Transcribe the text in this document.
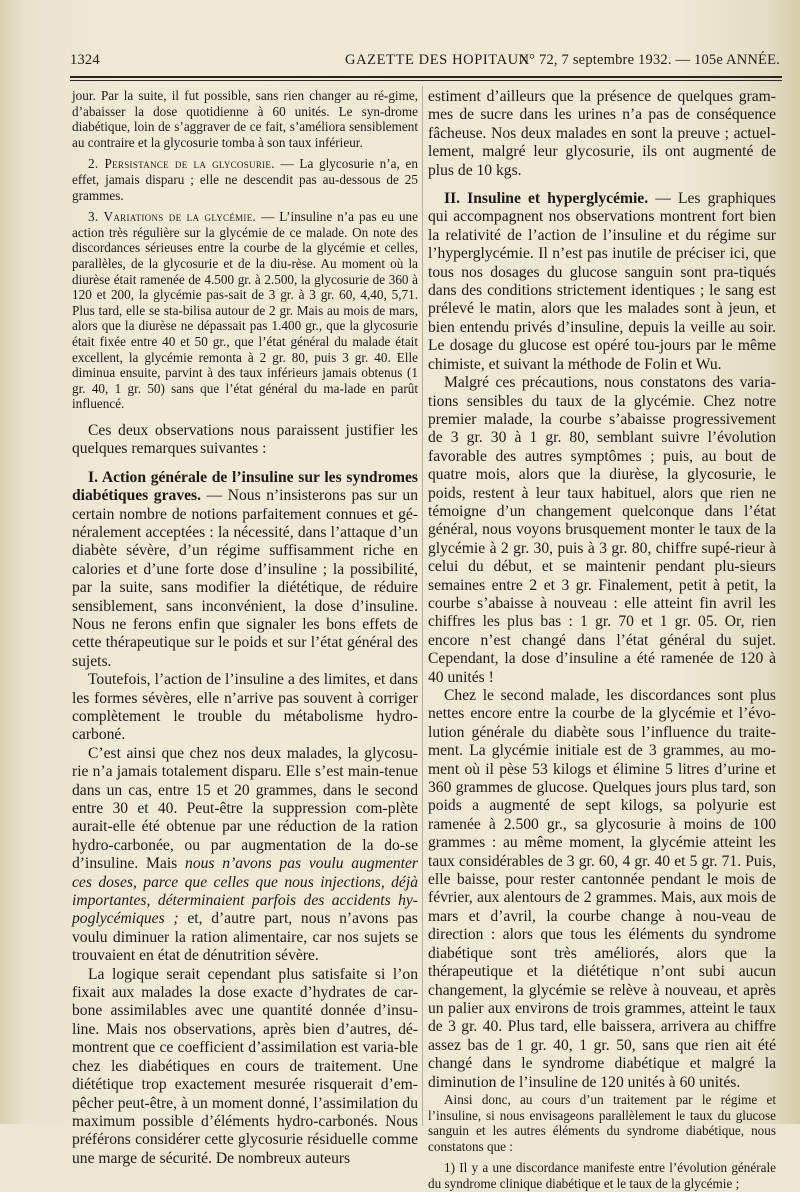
1324	GAZETTE DES HOPITAUX
N° 72, 7 septembre 1932. — 105e ANNÉE.

jour. Par la suite, il fut possible, sans rien changer au ré-gime, d’abaisser la dose quotidienne à 60 unités. Le syn-drome diabétique, loin de s’aggraver de ce fait, s’améliora sensiblement au contraire et la glycosurie tomba à son taux inférieur.

2. Persistance de la glycosurie. — La glycosurie n’a, en effet, jamais disparu ; elle ne descendit pas au-dessous de 25 grammes.

3. Variations de la glycémie. — L’insuline n’a pas eu une action très régulière sur la glycémie de ce malade. On note des discordances sérieuses entre la courbe de la glycémie et celles, parallèles, de la glycosurie et de la diu-rèse. Au moment où la diurèse était ramenée de 4.500 gr. à 2.500, la glycosurie de 360 à 120 et 200, la glycémie pas-sait de 3 gr. à 3 gr. 60, 4,40, 5,71. Plus tard, elle se sta-bilisa autour de 2 gr. Mais au mois de mars, alors que la diurèse ne dépassait pas 1.400 gr., que la glycosurie était fixée entre 40 et 50 gr., que l’état général du malade était excellent, la glycémie remonta à 2 gr. 80, puis 3 gr. 40. Elle diminua ensuite, parvint à des taux inférieurs jamais obtenus (1 gr. 40, 1 gr. 50) sans que l’état général du ma-lade en parût influencé.

Ces deux observations nous paraissent justifier les quelques remarques suivantes :

I. Action générale de l’insuline sur les syndromes diabétiques graves. — Nous n’insisterons pas sur un certain nombre de notions parfaitement connues et gé-néralement acceptées : la nécessité, dans l’attaque d’un diabète sévère, d’un régime suffisamment riche en calories et d’une forte dose d’insuline ; la possibilité, par la suite, sans modifier la diététique, de réduire sensiblement, sans inconvénient, la dose d’insuline. Nous ne ferons enfin que signaler les bons effets de cette thérapeutique sur le poids et sur l’état général des sujets.

Toutefois, l’action de l’insuline a des limites, et dans les formes sévères, elle n’arrive pas souvent à corriger complètement le trouble du métabolisme hydro-carboné.

C’est ainsi que chez nos deux malades, la glycosu-rie n’a jamais totalement disparu. Elle s’est main-tenue dans un cas, entre 15 et 20 grammes, dans le second entre 30 et 40. Peut-être la suppression com-plète aurait-elle été obtenue par une réduction de la ration hydro-carbonée, ou par augmentation de la do-se d’insuline. Mais nous n’avons pas voulu augmenter ces doses, parce que celles que nous injections, déjà importantes, déterminaient parfois des accidents hy-poglycémiques ; et, d’autre part, nous n’avons pas voulu diminuer la ration alimentaire, car nos sujets se trouvaient en état de dénutrition sévère.

La logique serait cependant plus satisfaite si l’on fixait aux malades la dose exacte d’hydrates de car-bone assimilables avec une quantité donnée d’insu-line. Mais nos observations, après bien d’autres, dé-montrent que ce coefficient d’assimilation est varia-ble chez les diabétiques en cours de traitement. Une diététique trop exactement mesurée risquerait d’em-pêcher peut-être, à un moment donné, l’assimilation du maximum possible d’éléments hydro-carbonés. Nous préférons considérer cette glycosurie résiduelle comme une marge de sécurité. De nombreux auteurs

estiment d’ailleurs que la présence de quelques gram-mes de sucre dans les urines n’a pas de conséquence fâcheuse. Nos deux malades en sont la preuve ; actuel-lement, malgré leur glycosurie, ils ont augmenté de plus de 10 kgs.

II. Insuline et hyperglycémie. — Les graphiques qui accompagnent nos observations montrent fort bien la relativité de l’action de l’insuline et du régime sur l’hyperglycémie. Il n’est pas inutile de préciser ici, que tous nos dosages du glucose sanguin sont pra-tiqués dans des conditions strictement identiques ; le sang est prélevé le matin, alors que les malades sont à jeun, et bien entendu privés d’insuline, depuis la veille au soir. Le dosage du glucose est opéré tou-jours par le même chimiste, et suivant la méthode de Folin et Wu.

Malgré ces précautions, nous constatons des varia-tions sensibles du taux de la glycémie. Chez notre premier malade, la courbe s’abaisse progressivement de 3 gr. 30 à 1 gr. 80, semblant suivre l’évolution favorable des autres symptômes ; puis, au bout de quatre mois, alors que la diurèse, la glycosurie, le poids, restent à leur taux habituel, alors que rien ne témoigne d’un changement quelconque dans l’état général, nous voyons brusquement monter le taux de la glycémie à 2 gr. 30, puis à 3 gr. 80, chiffre supé-rieur à celui du début, et se maintenir pendant plu-sieurs semaines entre 2 et 3 gr. Finalement, petit à petit, la courbe s’abaisse à nouveau : elle atteint fin avril les chiffres les plus bas : 1 gr. 70 et 1 gr. 05. Or, rien encore n’est changé dans l’état général du sujet. Cependant, la dose d’insuline a été ramenée de 120 à 40 unités !

Chez le second malade, les discordances sont plus nettes encore entre la courbe de la glycémie et l’évo-lution générale du diabète sous l’influence du traite-ment. La glycémie initiale est de 3 grammes, au mo-ment où il pèse 53 kilogs et élimine 5 litres d’urine et 360 grammes de glucose. Quelques jours plus tard, son poids a augmenté de sept kilogs, sa polyurie est ramenée à 2.500 gr., sa glycosurie à moins de 100 grammes : au même moment, la glycémie atteint les taux considérables de 3 gr. 60, 4 gr. 40 et 5 gr. 71. Puis, elle baisse, pour rester cantonnée pendant le mois de février, aux alentours de 2 grammes. Mais, aux mois de mars et d’avril, la courbe change à nou-veau de direction : alors que tous les éléments du syndrome diabétique sont très améliorés, alors que la thérapeutique et la diététique n’ont subi aucun changement, la glycémie se relève à nouveau, et après un palier aux environs de trois grammes, atteint le taux de 3 gr. 40. Plus tard, elle baissera, arrivera au chiffre assez bas de 1 gr. 40, 1 gr. 50, sans que rien ait été changé dans le syndrome diabétique et malgré la diminution de l’insuline de 120 unités à 60 unités.

Ainsi donc, au cours d’un traitement par le régime et l’insuline, si nous envisageons parallèlement le taux du glucose sanguin et les autres éléments du syndrome diabétique, nous constatons que :

1) Il y a une discordance manifeste entre l’évolution générale du syndrome clinique diabétique et le taux de la glycémie ;
